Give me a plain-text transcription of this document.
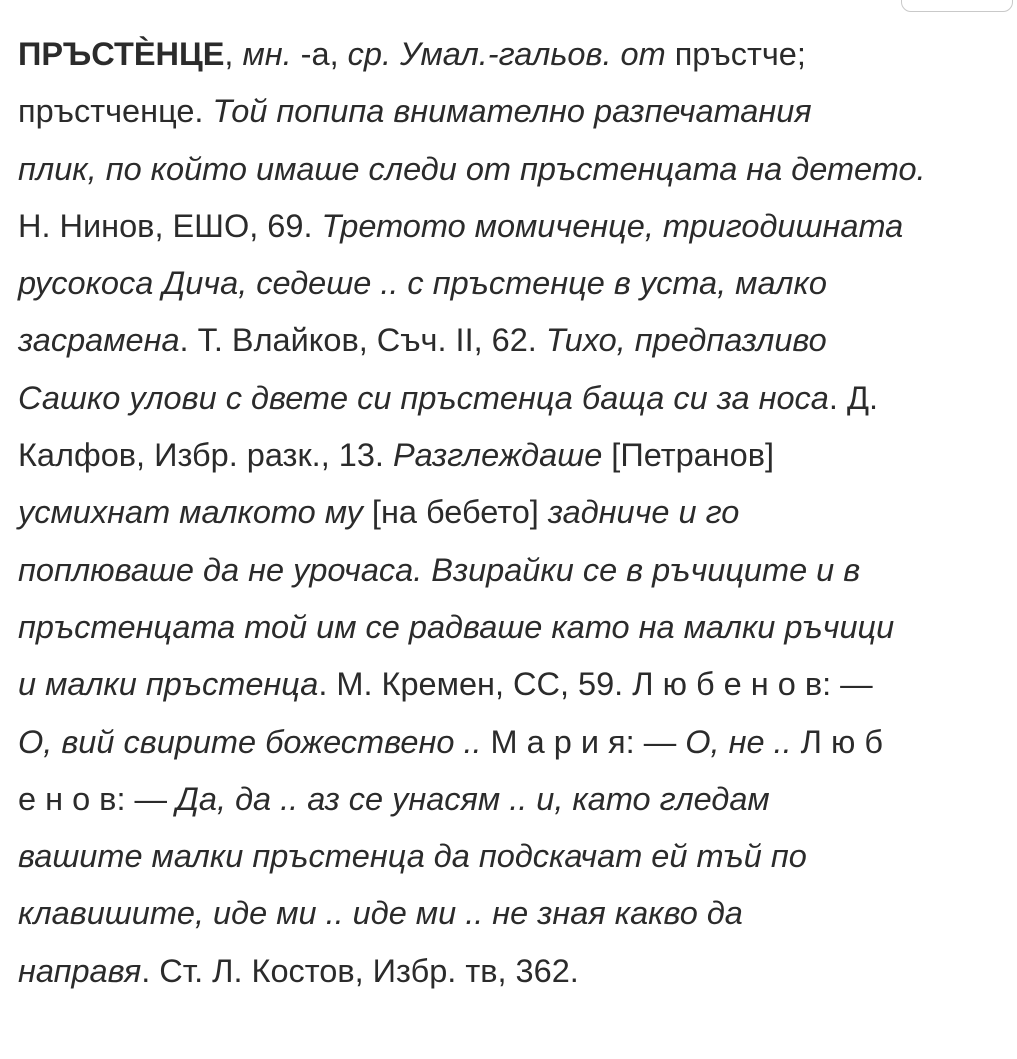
ПРЪСТЀНЦЕ, мн. -а, ср. Умал.-гальов. от пръстче;
пръстченце. Той попипа внимателно разпечатания
плик, по който имаше следи от пръстенцата на детето.
Н. Нинов, ЕШО, 69. Третото момиченце, тригодишната
русокоса Дича, седеше .. с пръстенце в уста, малко
засрамена. Т. Влайков, Съч. II, 62. Тихо, предпазливо
Сашко улови с двете си пръстенца баща си за носа. Д.
Калфов, Избр. разк., 13. Разглеждаше [Петранов]
усмихнат малкото му [на бебето] задниче и го
поплюваше да не урочаса. Взирайки се в ръчиците и в
пръстенцата той им се радваше като на малки ръчици
и малки пръстенца. М. Кремен, СС, 59. Л ю б е н о в: —
О, вий свирите божествено .. М а р и я: — О, не .. Л ю б
е н о в: — Да, да .. аз се унасям .. и, като гледам
вашите малки пръстенца да подскачат ей тъй по
клавишите, иде ми .. иде ми .. не зная какво да
направя. Ст. Л. Костов, Избр. тв, 362.
